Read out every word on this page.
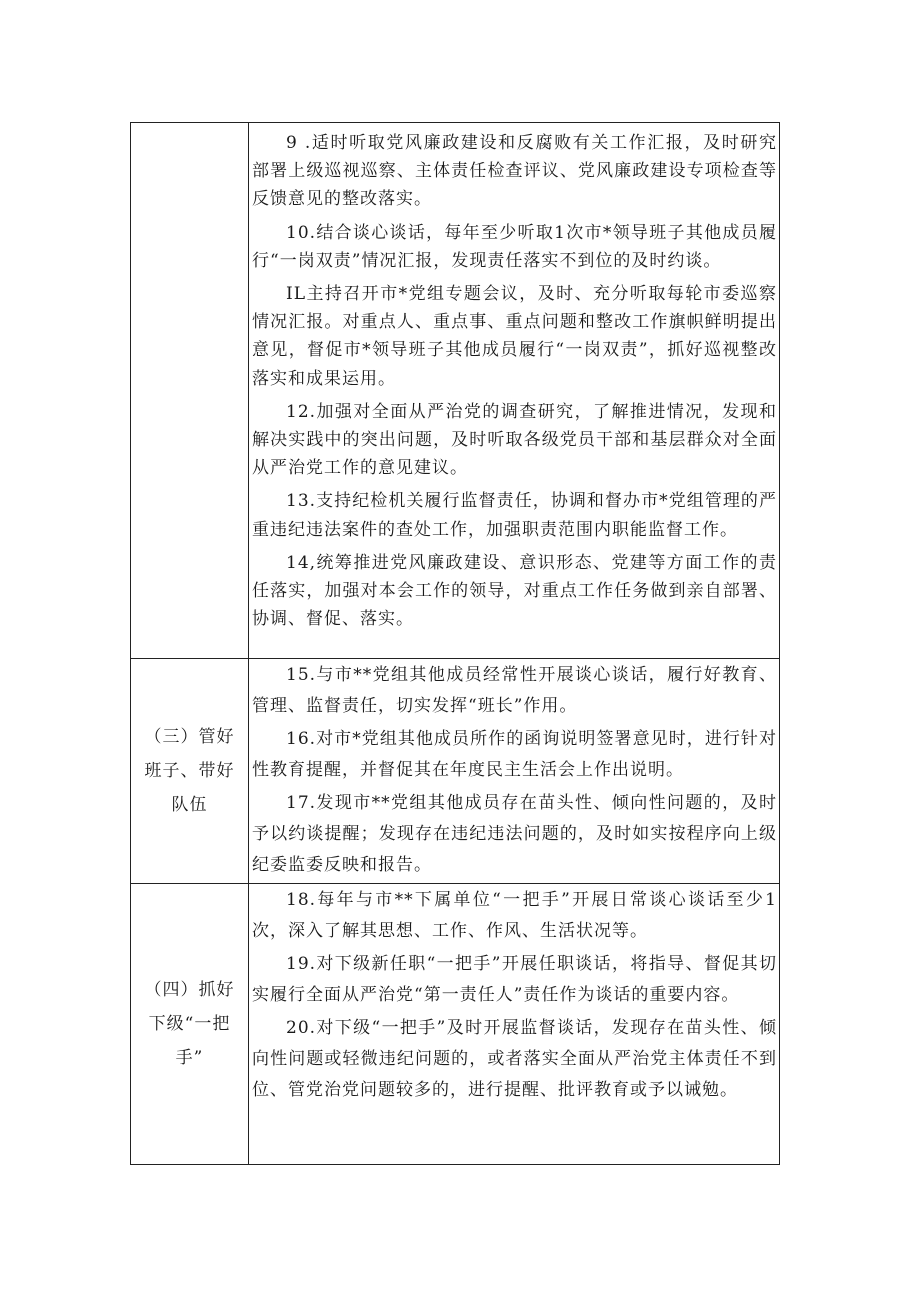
9 .适时听取党风廉政建设和反腐败有关工作汇报，及时研究部署上级巡视巡察、主体责任检查评议、党风廉政建设专项检查等反馈意见的整改落实。

10.结合谈心谈话，每年至少听取1次市*领导班子其他成员履行“一岗双责”情况汇报，发现责任落实不到位的及时约谈。

IL主持召开市*党组专题会议，及时、充分听取每轮市委巡察情况汇报。对重点人、重点事、重点问题和整改工作旗帜鲜明提出意见，督促市*领导班子其他成员履行“一岗双责”，抓好巡视整改落实和成果运用。

12.加强对全面从严治党的调查研究，了解推进情况，发现和解决实践中的突出问题，及时听取各级党员干部和基层群众对全面从严治党工作的意见建议。

13.支持纪检机关履行监督责任，协调和督办市*党组管理的严重违纪违法案件的查处工作，加强职责范围内职能监督工作。

14,统筹推进党风廉政建设、意识形态、党建等方面工作的责任落实，加强对本会工作的领导，对重点工作任务做到亲自部署、协调、督促、落实。

（三）管好班子、带好队伍

15.与市**党组其他成员经常性开展谈心谈话，履行好教育、管理、监督责任，切实发挥“班长”作用。

16.对市*党组其他成员所作的函询说明签署意见时，进行针对性教育提醒，并督促其在年度民主生活会上作出说明。

17.发现市**党组其他成员存在苗头性、倾向性问题的，及时予以约谈提醒；发现存在违纪违法问题的，及时如实按程序向上级纪委监委反映和报告。

（四）抓好下级“一把手”

18.每年与市**下属单位“一把手”开展日常谈心谈话至少1次，深入了解其思想、工作、作风、生活状况等。

19.对下级新任职“一把手”开展任职谈话，将指导、督促其切实履行全面从严治党“第一责任人”责任作为谈话的重要内容。

20.对下级“一把手”及时开展监督谈话，发现存在苗头性、倾向性问题或轻微违纪问题的，或者落实全面从严治党主体责任不到位、管党治党问题较多的，进行提醒、批评教育或予以诫勉。
